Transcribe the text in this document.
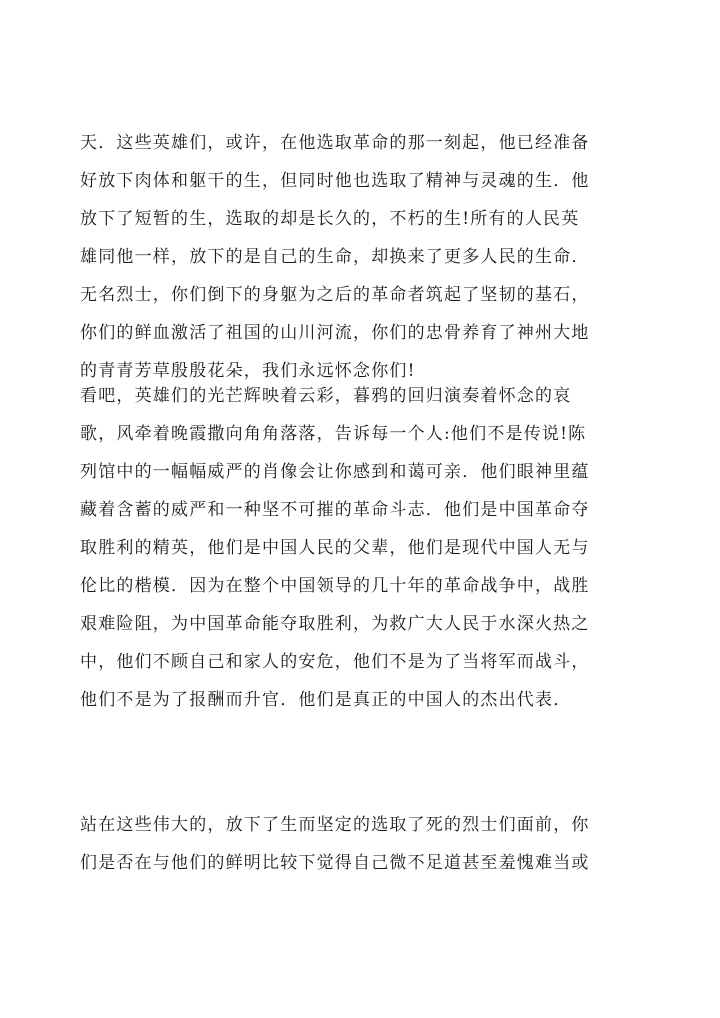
天．这些英雄们，或许，在他选取革命的那一刻起，他已经准备
好放下肉体和躯干的生，但同时他也选取了精神与灵魂的生．他
放下了短暂的生，选取的却是长久的，不朽的生!所有的人民英
雄同他一样，放下的是自己的生命，却换来了更多人民的生命．
无名烈士，你们倒下的身躯为之后的革命者筑起了坚韧的基石，
你们的鲜血激活了祖国的山川河流，你们的忠骨养育了神州大地
的青青芳草殷殷花朵，我们永远怀念你们!
看吧，英雄们的光芒辉映着云彩，暮鸦的回归演奏着怀念的哀
歌，风牵着晚霞撒向角角落落，告诉每一个人:他们不是传说!陈
列馆中的一幅幅威严的肖像会让你感到和蔼可亲．他们眼神里蕴
藏着含蓄的威严和一种坚不可摧的革命斗志．他们是中国革命夺
取胜利的精英，他们是中国人民的父辈，他们是现代中国人无与
伦比的楷模．因为在整个中国领导的几十年的革命战争中，战胜
艰难险阻，为中国革命能夺取胜利，为救广大人民于水深火热之
中，他们不顾自己和家人的安危，他们不是为了当将军而战斗，
他们不是为了报酬而升官．他们是真正的中国人的杰出代表．
站在这些伟大的，放下了生而坚定的选取了死的烈士们面前，你
们是否在与他们的鲜明比较下觉得自己微不足道甚至羞愧难当或
